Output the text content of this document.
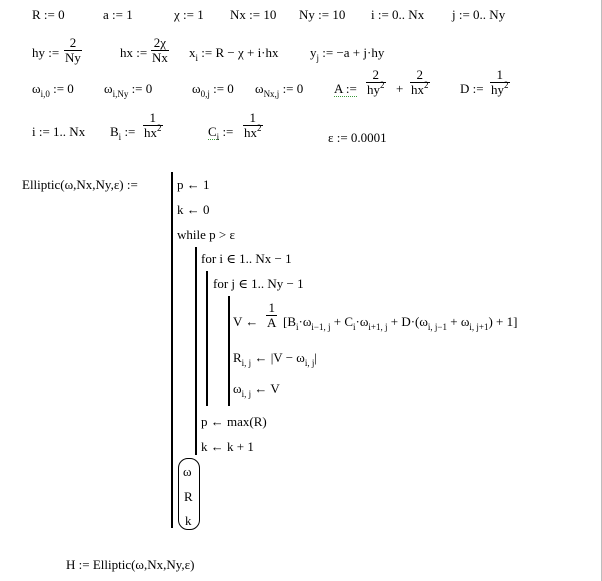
R := 0	a := 1	χ := 1 Nx := 10 Ny := 10 i := 0.. Nx j := 0.. Ny
hy := $\frac{2}{Ny}$	hx := $\frac{2\chi}{Nx} x_i$ := R − χ + i·hx $y_j$ := −a + j·hy
$\omega_{i,0}$ := 0 $\omega_{i,Ny}$ := 0	$\omega_{0,j}$ := 0 $\omega_{Nx,j}$ := 0 A := $\frac{2}{hy^2} + \frac{2}{hx^2}$ D := $\frac{1}{hy^2}$
i := 1.. Nx $B_i$ := $\frac{1}{hx^2}$	$C_i$ := $\frac{1}{hx^2}$	ε := 0.0001
Elliptic(ω,Nx,Ny,ε) :=	p ← 1
k ← 0
while p > ε
for i ∈ 1.. Nx − 1
for j ∈ 1.. Ny − 1
V ← $\frac{1}{A} [B_i\cdot\omega_{i-1, j} + C_i\cdot\omega_{i+1, j} + D\cdot(\omega_{i, j-1} + \omega_{i, j+1}) + 1]$
$R_{i, j}$ ← $|V - \omega_{i, j}|$
$\omega_{i, j}$ ← V
p ← max(R)
k ← k + 1
ω
R
k
H := Elliptic(ω,Nx,Ny,ε)
